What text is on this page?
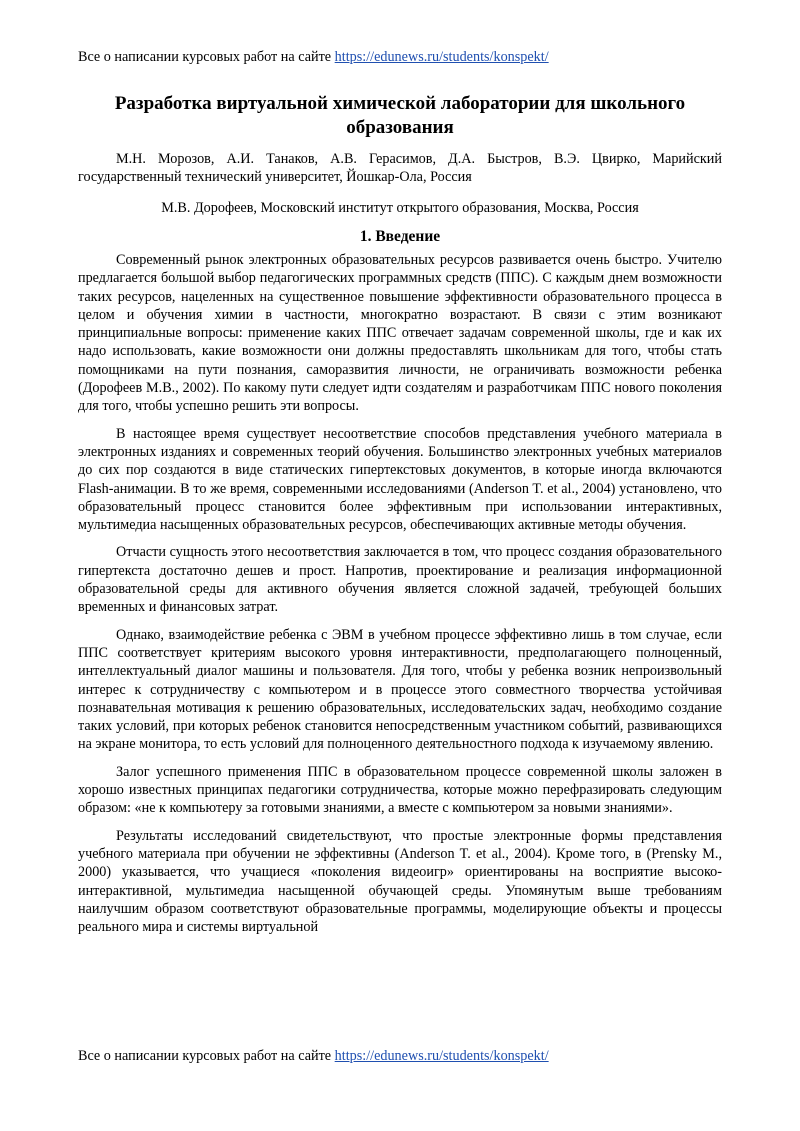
Все о написании курсовых работ на сайте https://edunews.ru/students/konspekt/
Разработка виртуальной химической лаборатории для школьного образования

М.Н. Морозов, А.И. Танаков, А.В. Герасимов, Д.А. Быстров, В.Э. Цвирко, Марийский государственный технический университет, Йошкар-Ола, Россия

М.В. Дорофеев, Московский институт открытого образования, Москва, Россия

1. Введение

Современный рынок электронных образовательных ресурсов развивается очень быстро. Учителю предлагается большой выбор педагогических программных средств (ППС). С каждым днем возможности таких ресурсов, нацеленных на существенное повышение эффективности образовательного процесса в целом и обучения химии в частности, многократно возрастают. В связи с этим возникают принципиальные вопросы: применение каких ППС отвечает задачам современной школы, где и как их надо использовать, какие возможности они должны предоставлять школьникам для того, чтобы стать помощниками на пути познания, саморазвития личности, не ограничивать возможности ребенка (Дорофеев М.В., 2002). По какому пути следует идти создателям и разработчикам ППС нового поколения для того, чтобы успешно решить эти вопросы.

В настоящее время существует несоответствие способов представления учебного материала в электронных изданиях и современных теорий обучения. Большинство электронных учебных материалов до сих пор создаются в виде статических гипертекстовых документов, в которые иногда включаются Flash-анимации. В то же время, современными исследованиями (Anderson T. et al., 2004) установлено, что образовательный процесс становится более эффективным при использовании интерактивных, мультимедиа насыщенных образовательных ресурсов, обеспечивающих активные методы обучения.

Отчасти сущность этого несоответствия заключается в том, что процесс создания образовательного гипертекста достаточно дешев и прост. Напротив, проектирование и реализация информационной образовательной среды для активного обучения является сложной задачей, требующей больших временных и финансовых затрат.

Однако, взаимодействие ребенка с ЭВМ в учебном процессе эффективно лишь в том случае, если ППС соответствует критериям высокого уровня интерактивности, предполагающего полноценный, интеллектуальный диалог машины и пользователя. Для того, чтобы у ребенка возник непроизвольный интерес к сотрудничеству с компьютером и в процессе этого совместного творчества устойчивая познавательная мотивация к решению образовательных, исследовательских задач, необходимо создание таких условий, при которых ребенок становится непосредственным участником событий, развивающихся на экране монитора, то есть условий для полноценного деятельностного подхода к изучаемому явлению.

Залог успешного применения ППС в образовательном процессе современной школы заложен в хорошо известных принципах педагогики сотрудничества, которые можно перефразировать следующим образом: «не к компьютеру за готовыми знаниями, а вместе с компьютером за новыми знаниями».

Результаты исследований свидетельствуют, что простые электронные формы представления учебного материала при обучении не эффективны (Anderson T. et al., 2004). Кроме того, в (Prensky M., 2000) указывается, что учащиеся «поколения видеоигр» ориентированы на восприятие высоко-интерактивной, мультимедиа насыщенной обучающей среды. Упомянутым выше требованиям наилучшим образом соответствуют образовательные программы, моделирующие объекты и процессы реального мира и системы виртуальной

Все о написании курсовых работ на сайте https://edunews.ru/students/konspekt/
